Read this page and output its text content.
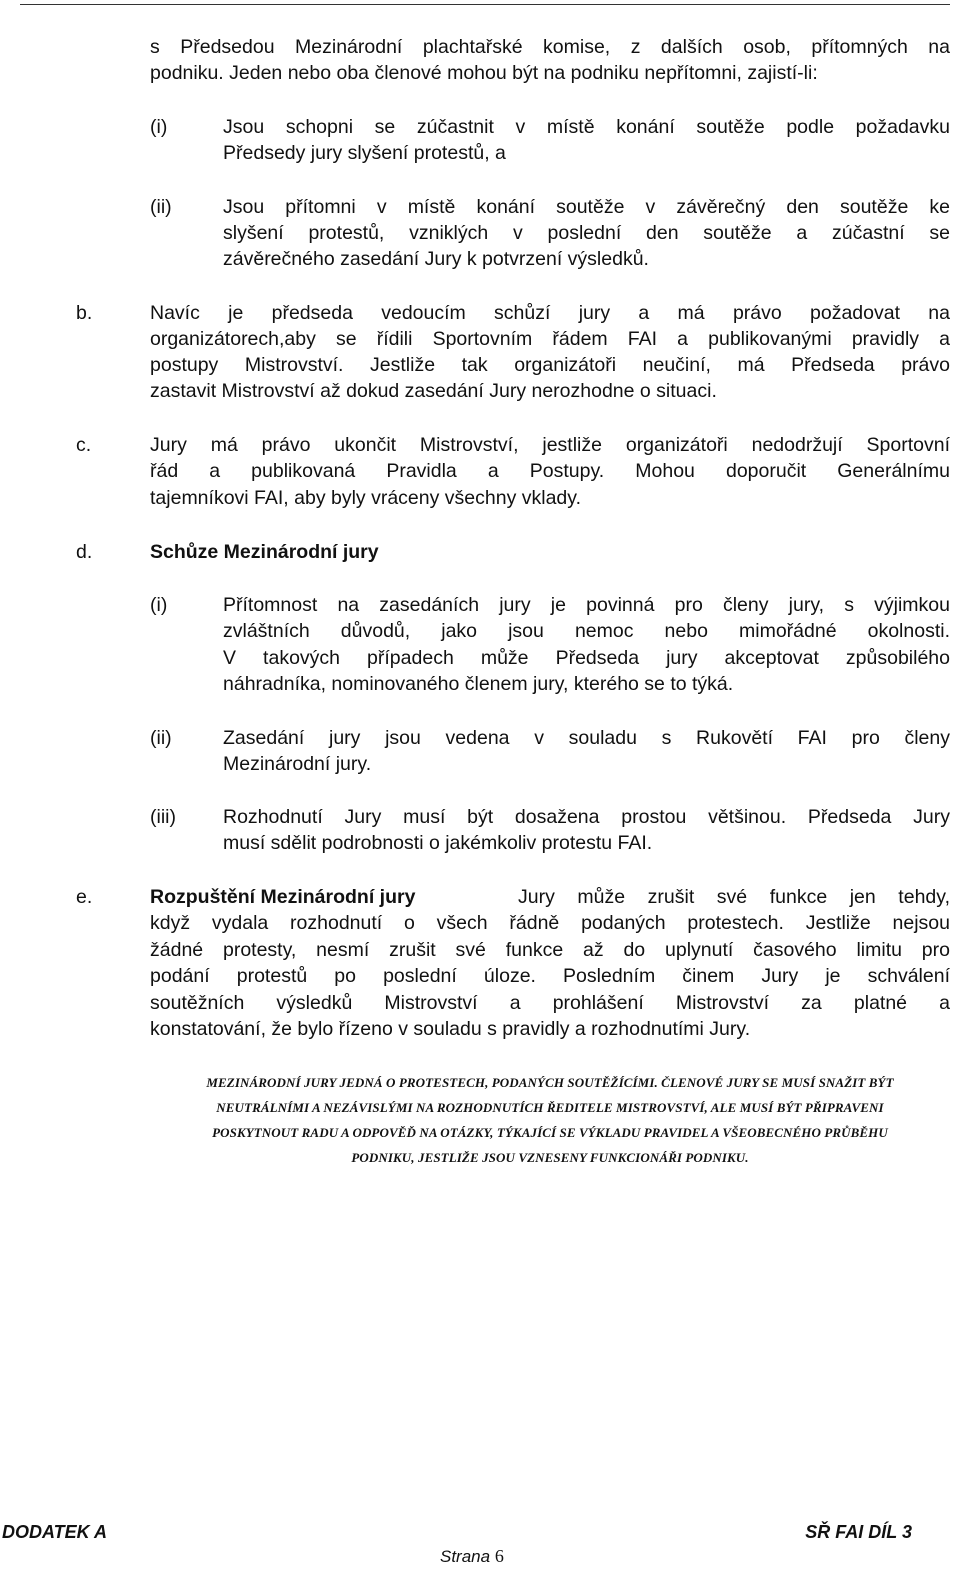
s Předsedou Mezinárodní plachtařské komise, z dalších osob, přítomných na

podniku. Jeden nebo oba členové mohou být na podniku nepřítomni, zajistí-li:

(i)	Jsou schopni se zúčastnit v místě konání soutěže podle požadavku

Předsedy jury slyšení protestů, a

(ii)	Jsou přítomni v místě konání soutěže v závěrečný den soutěže ke

slyšení protestů, vzniklých v poslední den soutěže a zúčastní se

závěrečného zasedání Jury k potvrzení výsledků.

b.	Navíc je předseda vedoucím schůzí jury a má právo požadovat na

organizátorech,aby se řídili Sportovním řádem FAI a publikovanými pravidly a

postupy Mistrovství. Jestliže tak organizátoři neučiní, má Předseda právo

zastavit Mistrovství až dokud zasedání Jury nerozhodne o situaci.

c.	Jury má právo ukončit Mistrovství, jestliže organizátoři nedodržují Sportovní

řád a publikovaná Pravidla a Postupy. Mohou doporučit Generálnímu

tajemníkovi FAI, aby byly vráceny všechny vklady.

d.	Schůze Mezinárodní jury

(i)	Přítomnost na zasedáních jury je povinná pro členy jury, s výjimkou

zvláštních důvodů, jako jsou nemoc nebo mimořádné okolnosti.

V takových případech může Předseda jury akceptovat způsobilého

náhradníka, nominovaného členem jury, kterého se to týká.

(ii)	Zasedání jury jsou vedena v souladu s Rukovětí FAI pro členy

Mezinárodní jury.

(iii) Rozhodnutí Jury musí být dosažena prostou většinou. Předseda Jury

musí sdělit podrobnosti o jakémkoliv protestu FAI.

e.	Rozpuštění Mezinárodní jury	Jury může zrušit své funkce jen tehdy,

když vydala rozhodnutí o všech řádně podaných protestech. Jestliže nejsou

žádné protesty, nesmí zrušit své funkce až do uplynutí časového limitu pro

podání protestů po poslední úloze. Posledním činem Jury je schválení

soutěžních výsledků Mistrovství a prohlášení Mistrovství za platné a

konstatování, že bylo řízeno v souladu s pravidly a rozhodnutími Jury.

MEZINÁRODNÍ JURY JEDNÁ O PROTESTECH, PODANÝCH SOUTĚŽÍCÍMI. ČLENOVÉ JURY SE MUSÍ SNAŽIT BÝT
NEUTRÁLNÍMI A NEZÁVISLÝMI NA ROZHODNUTÍCH ŘEDITELE MISTROVSTVÍ, ALE MUSÍ BÝT PŘIPRAVENI
POSKYTNOUT RADU A ODPOVĚĎ NA OTÁZKY, TÝKAJÍCÍ SE VÝKLADU PRAVIDEL A VŠEOBECNÉHO PRŮBĚHU
PODNIKU, JESTLIŽE JSOU VZNESENY FUNKCIONÁŘI PODNIKU.
DODATEK A	SŘ FAI DÍL 3
Strana 6
